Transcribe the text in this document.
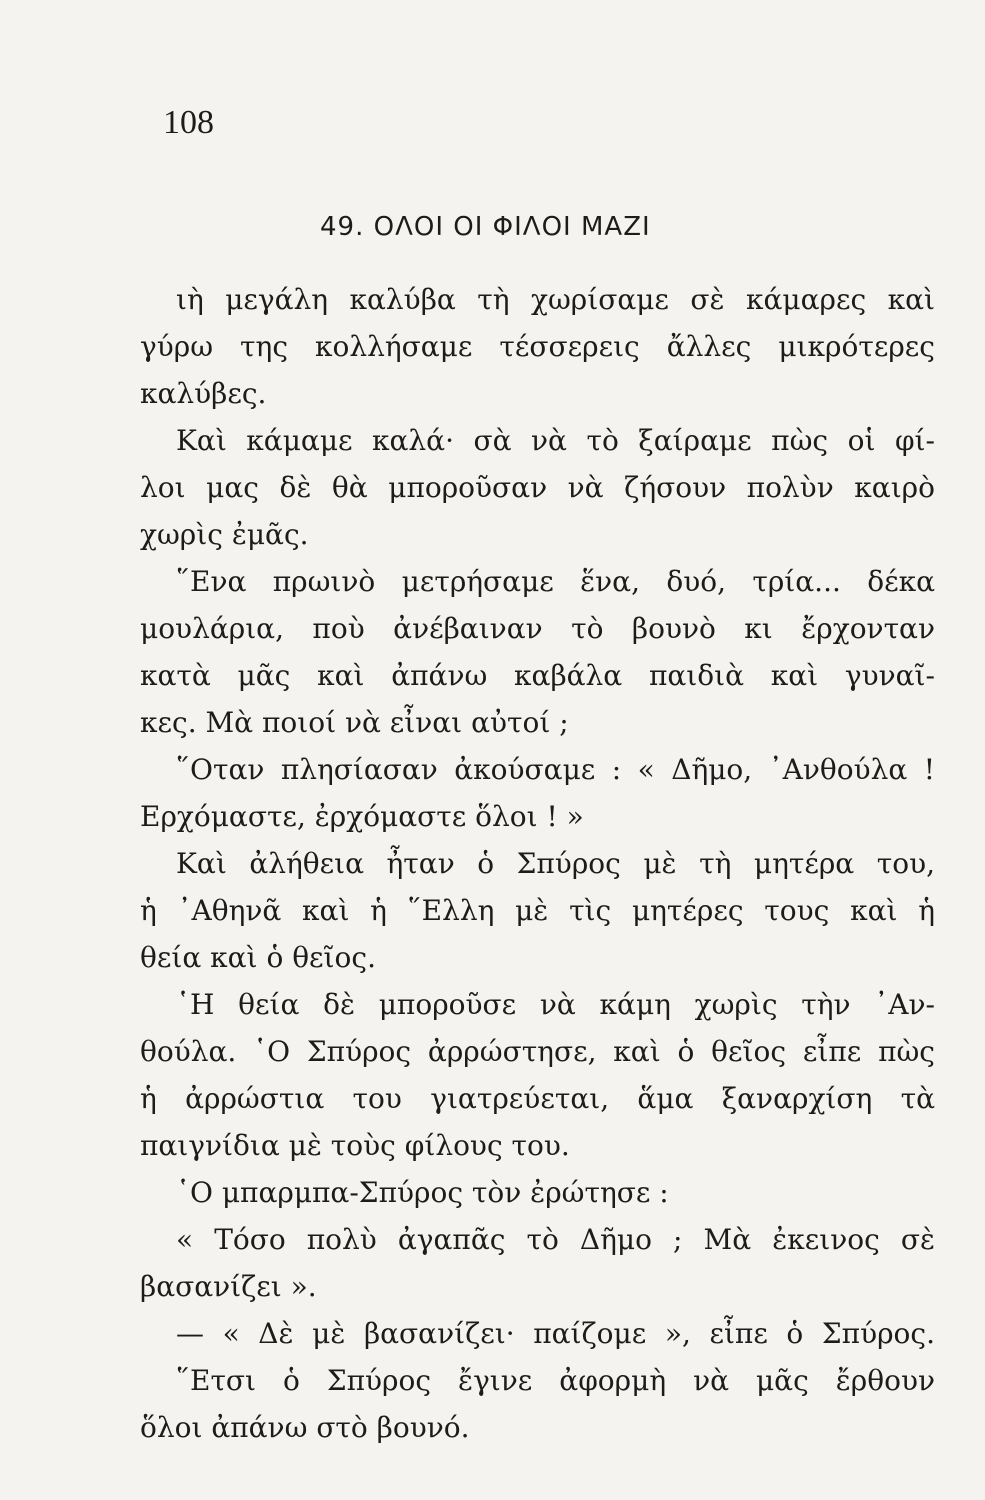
108
49. ΟΛΟΙ ΟΙ ΦΙΛΟΙ ΜΑΖΙ
ιὴ μεγάλη καλύβα τὴ χωρίσαμε σὲ κάμαρες καὶ
γύρω της κολλήσαμε τέσσερεις ἄλλες μικρότερες
καλύβες.
Καὶ κάμαμε καλά· σὰ νὰ τὸ ξαίραμε πὼς οἱ φί-
λοι μας δὲ θὰ μποροῦσαν νὰ ζήσουν πολὺν καιρὸ
χωρὶς ἐμᾶς.
῞Ενα πρωινὸ μετρήσαμε ἕνα, δυό, τρία... δέκα
μουλάρια, ποὺ ἀνέβαιναν τὸ βουνὸ κι ἔρχονταν
κατὰ μᾶς καὶ ἀπάνω καβάλα παιδιὰ καὶ γυναῖ-
κες. Μὰ ποιοί νὰ εἶναι αὐτοί ;
῞Οταν πλησίασαν ἀκούσαμε : « Δῆμο, ᾿Ανθούλα !
Ερχόμαστε, ἐρχόμαστε ὅλοι ! »
Καὶ ἀλήθεια ἦταν ὁ Σπύρος μὲ τὴ μητέρα του,
ἡ ᾿Αθηνᾶ καὶ ἡ ῞Ελλη μὲ τὶς μητέρες τους καὶ ἡ
θεία καὶ ὁ θεῖος.
῾Η θεία δὲ μποροῦσε νὰ κάμη χωρὶς τὴν ᾿Αν-
θούλα. ῾Ο Σπύρος ἀρρώστησε, καὶ ὁ θεῖος εἶπε πὼς
ἡ ἀρρώστια του γιατρεύεται, ἅμα ξαναρχίση τὰ
παιγνίδια μὲ τοὺς φίλους του.
῾Ο μπαρμπα-Σπύρος τὸν ἐρώτησε :
« Τόσο πολὺ ἀγαπᾶς τὸ Δῆμο ; Μὰ ἐκεινος σὲ
βασανίζει ».
— « Δὲ μὲ βασανίζει· παίζομε », εἶπε ὁ Σπύρος.
῞Ετσι ὁ Σπύρος ἔγινε ἀφορμὴ νὰ μᾶς ἔρθουν
ὅλοι ἀπάνω στὸ βουνό.
